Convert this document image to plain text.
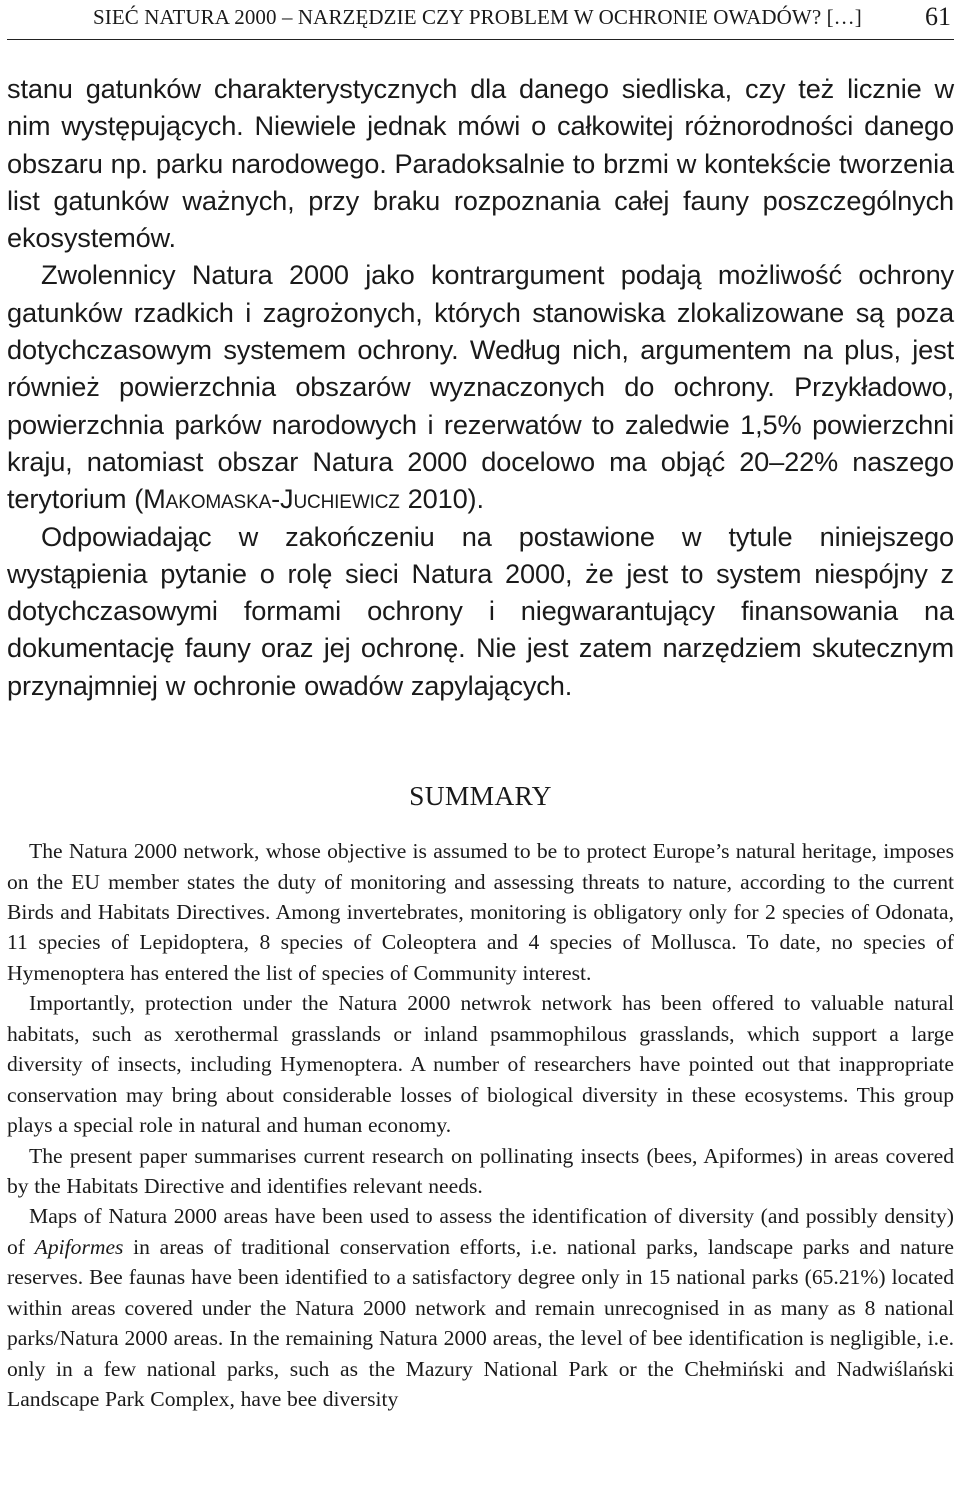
SIEĆ NATURA 2000 – NARZĘDZIE CZY PROBLEM W OCHRONIE OWADÓW? […] 61

stanu gatunków charakterystycznych dla danego siedliska, czy też licznie w nim występujących. Niewiele jednak mówi o całkowitej różnorodności danego obszaru np. parku narodowego. Paradoksalnie to brzmi w kontekście tworzenia list gatunków ważnych, przy braku rozpoznania całej fauny poszczególnych ekosystemów.

Zwolennicy Natura 2000 jako kontrargument podają możliwość ochrony gatunków rzadkich i zagrożonych, których stanowiska zlokalizowane są poza dotychczasowym systemem ochrony. Według nich, argumentem na plus, jest również powierzchnia obszarów wyznaczonych do ochrony. Przykładowo, powierzchnia parków narodowych i rezerwatów to zaledwie 1,5% powierzchni kraju, natomiast obszar Natura 2000 docelowo ma objąć 20–22% naszego terytorium (Makomaska-Juchiewicz 2010).

Odpowiadając w zakończeniu na postawione w tytule niniejszego wystąpienia pytanie o rolę sieci Natura 2000, że jest to system niespójny z dotychczasowymi formami ochrony i niegwarantujący finansowania na dokumentację fauny oraz jej ochronę. Nie jest zatem narzędziem skutecznym przynajmniej w ochronie owadów zapylających.

SUMMARY

The Natura 2000 network, whose objective is assumed to be to protect Europe’s natural heritage, imposes on the EU member states the duty of monitoring and assessing threats to nature, according to the current Birds and Habitats Directives. Among invertebrates, monitoring is obligatory only for 2 species of Odonata, 11 species of Lepidoptera, 8 species of Coleoptera and 4 species of Mollusca. To date, no species of Hymenoptera has entered the list of species of Community interest.

Importantly, protection under the Natura 2000 netwrok network has been offered to valuable natural habitats, such as xerothermal grasslands or inland psammophilous grasslands, which support a large diversity of insects, including Hymenoptera. A number of researchers have pointed out that inappropriate conservation may bring about considerable losses of biological diversity in these ecosystems. This group plays a special role in natural and human economy.

The present paper summarises current research on pollinating insects (bees, Apiformes) in areas covered by the Habitats Directive and identifies relevant needs.

Maps of Natura 2000 areas have been used to assess the identification of diversity (and possibly density) of Apiformes in areas of traditional conservation efforts, i.e. national parks, landscape parks and nature reserves. Bee faunas have been identified to a satisfactory degree only in 15 national parks (65.21%) located within areas covered under the Natura 2000 network and remain unrecognised in as many as 8 national parks/Natura 2000 areas. In the remaining Natura 2000 areas, the level of bee identification is negligible, i.e. only in a few national parks, such as the Mazury National Park or the Chełmiński and Nadwiślański Landscape Park Complex, have bee diversity
